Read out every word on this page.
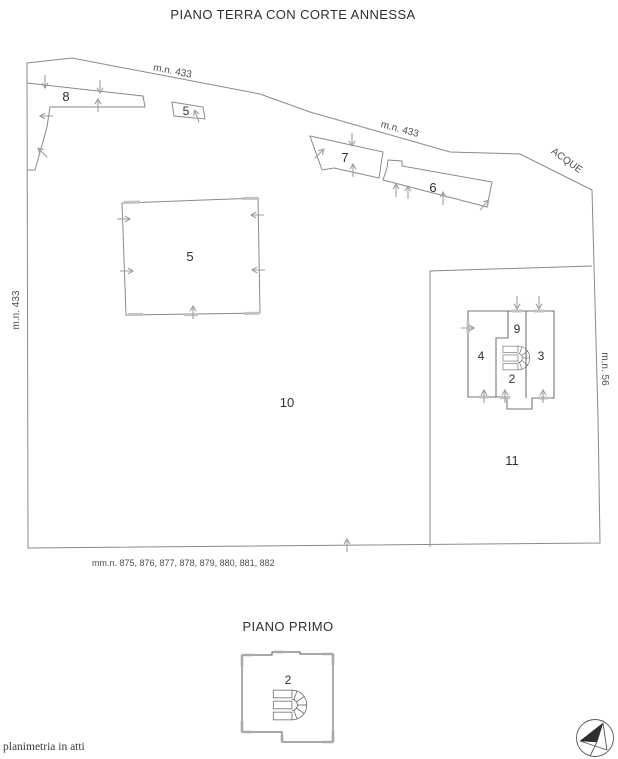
PIANO TERRA CON CORTE ANNESSA
m.n. 433
m.n. 433
ACQUE
m.n. 433
m.n. 56
mm.n. 875, 876, 877, 878, 879, 880, 881, 882
8
5
7
6
5
10
11
4
9
3
2
PIANO PRIMO
2
planimetria in atti
